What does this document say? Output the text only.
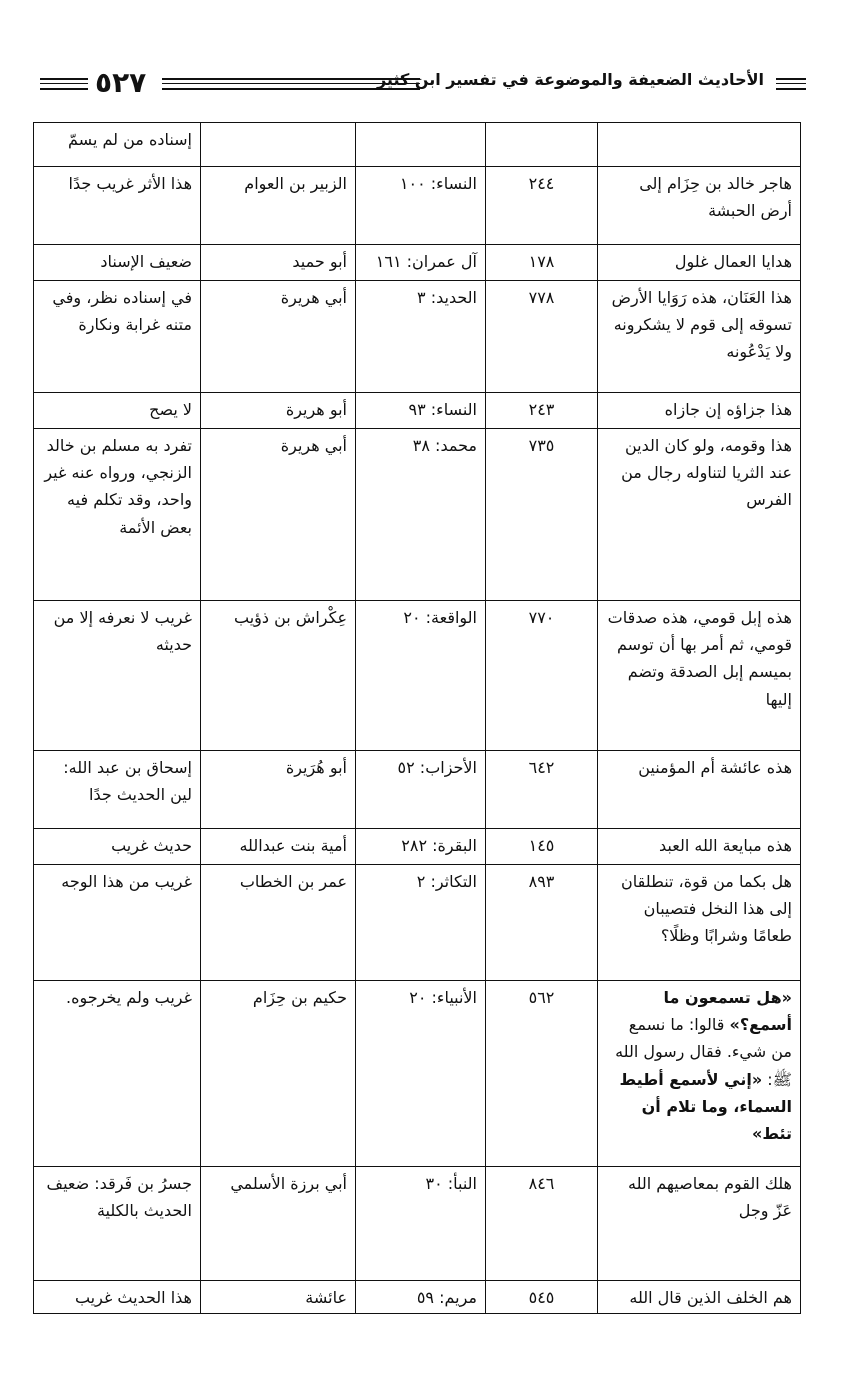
٥٢٧	الأحاديث الضعيفة والموضوعة في تفسير ابن كثير
				إسناده من لم يسمّ
هاجر خالد بن حِزَام إلى أرض الحبشة	٢٤٤	النساء: ١٠٠	الزبير بن العوام	هذا الأثر غريب جدًا
هدايا العمال غلول	١٧٨	آل عمران: ١٦١	أبو حميد	ضعيف الإسناد
هذا العَنَان، هذه رَوَايا الأرض تسوقه إلى قوم لا يشكرونه ولا يَدْعُونه	٧٧٨	الحديد: ٣	أبي هريرة	في إسناده نظر، وفي متنه غرابة ونكارة
هذا جزاؤه إن جازاه	٢٤٣	النساء: ٩٣	أبو هريرة	لا يصح
هذا وقومه، ولو كان الدين عند الثريا لتناوله رجال من الفرس	٧٣٥	محمد: ٣٨	أبي هريرة	تفرد به مسلم بن خالد الزنجي، ورواه عنه غير واحد، وقد تكلم فيه بعض الأئمة
هذه إبل قومي، هذه صدقات قومي، ثم أمر بها أن توسم بميسم إبل الصدقة وتضم إليها	٧٧٠	الواقعة: ٢٠	عِكْراش بن ذؤيب	غريب لا نعرفه إلا من حديثه
هذه عائشة أم المؤمنين	٦٤٢	الأحزاب: ٥٢	أبو هُرَيرة	إسحاق بن عبد الله: لين الحديث جدًا
هذه مبايعة الله العبد	١٤٥	البقرة: ٢٨٢	أمية بنت عبدالله	حديث غريب
هل بكما من قوة، تنطلقان إلى هذا النخل فتصيبان طعامًا وشرابًا وظلًا؟	٨٩٣	التكاثر: ٢	عمر بن الخطاب	غريب من هذا الوجه
«هل تسمعون ما أسمع؟» قالوا: ما نسمع من شيء. فقال رسول الله ﷺ: «إني لأسمع أطيط السماء، وما تلام أن تئط»	٥٦٢	الأنبياء: ٢٠	حكيم بن حِزَام	غريب ولم يخرجوه.
هلك القوم بمعاصيهم الله عَزّ وجل	٨٤٦	النبأ: ٣٠	أبي برزة الأسلمي	جسرُ بن فَرقد: ضعيف الحديث بالكلية
هم الخلف الذين قال الله	٥٤٥	مريم: ٥٩	عائشة	هذا الحديث غريب
